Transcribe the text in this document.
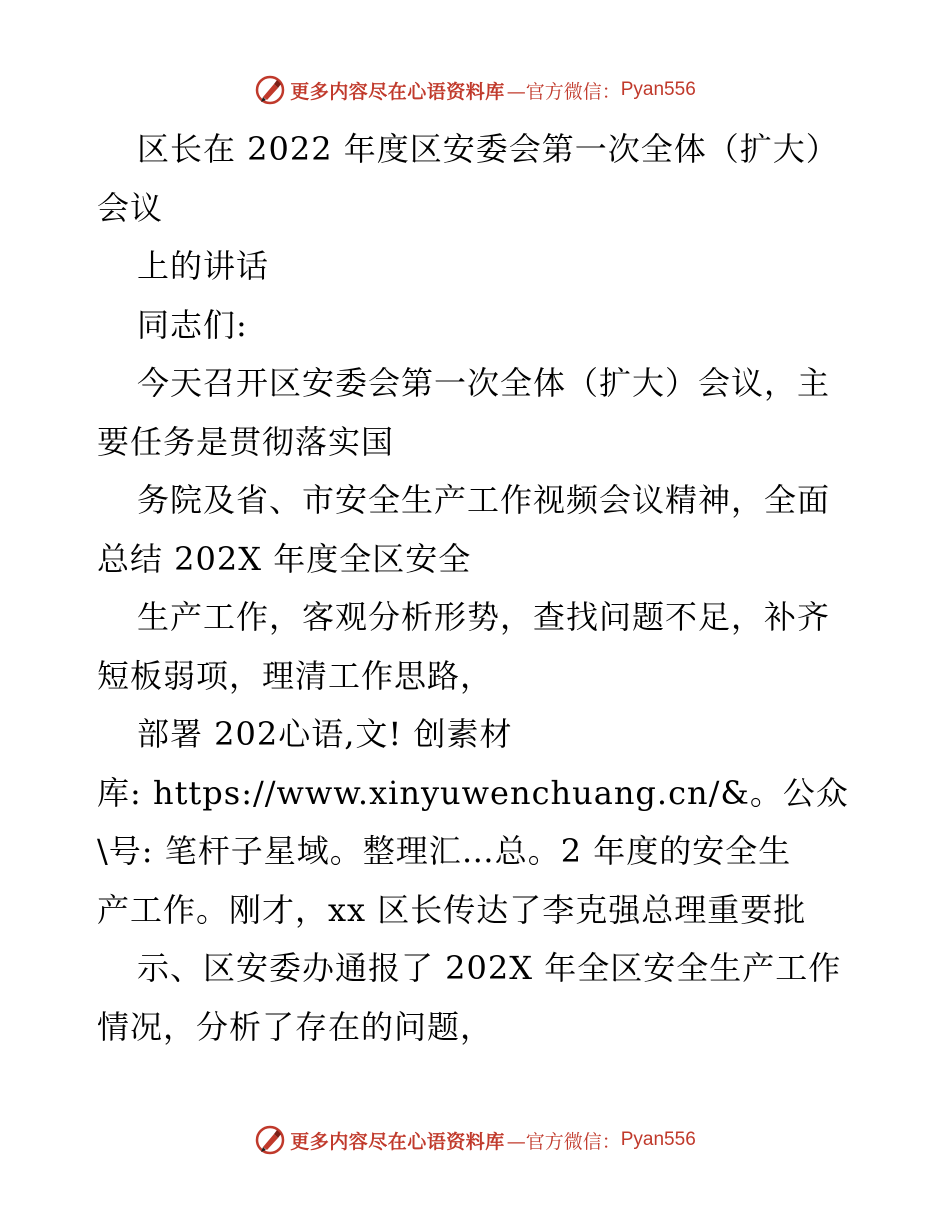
更多内容尽在心语资料库 —官方微信： Pyan556
区长在 2022 年度区安委会第一次全体（扩大）
会议
上的讲话
同志们:
今天召开区安委会第一次全体（扩大）会议，主
要任务是贯彻落实国
务院及省、市安全生产工作视频会议精神，全面
总结 202X 年度全区安全
生产工作，客观分析形势，查找问题不足，补齐
短板弱项，理清工作思路，
部署 202心语,文! 创素材
库: https://www.xinyuwenchuang.cn/&。公众
\号: 笔杆子星域。整理汇…总。2 年度的安全生
产工作。刚才，xx 区长传达了李克强总理重要批
示、区安委办通报了 202X 年全区安全生产工作
情况，分析了存在的问题，
更多内容尽在心语资料库 —官方微信： Pyan556
